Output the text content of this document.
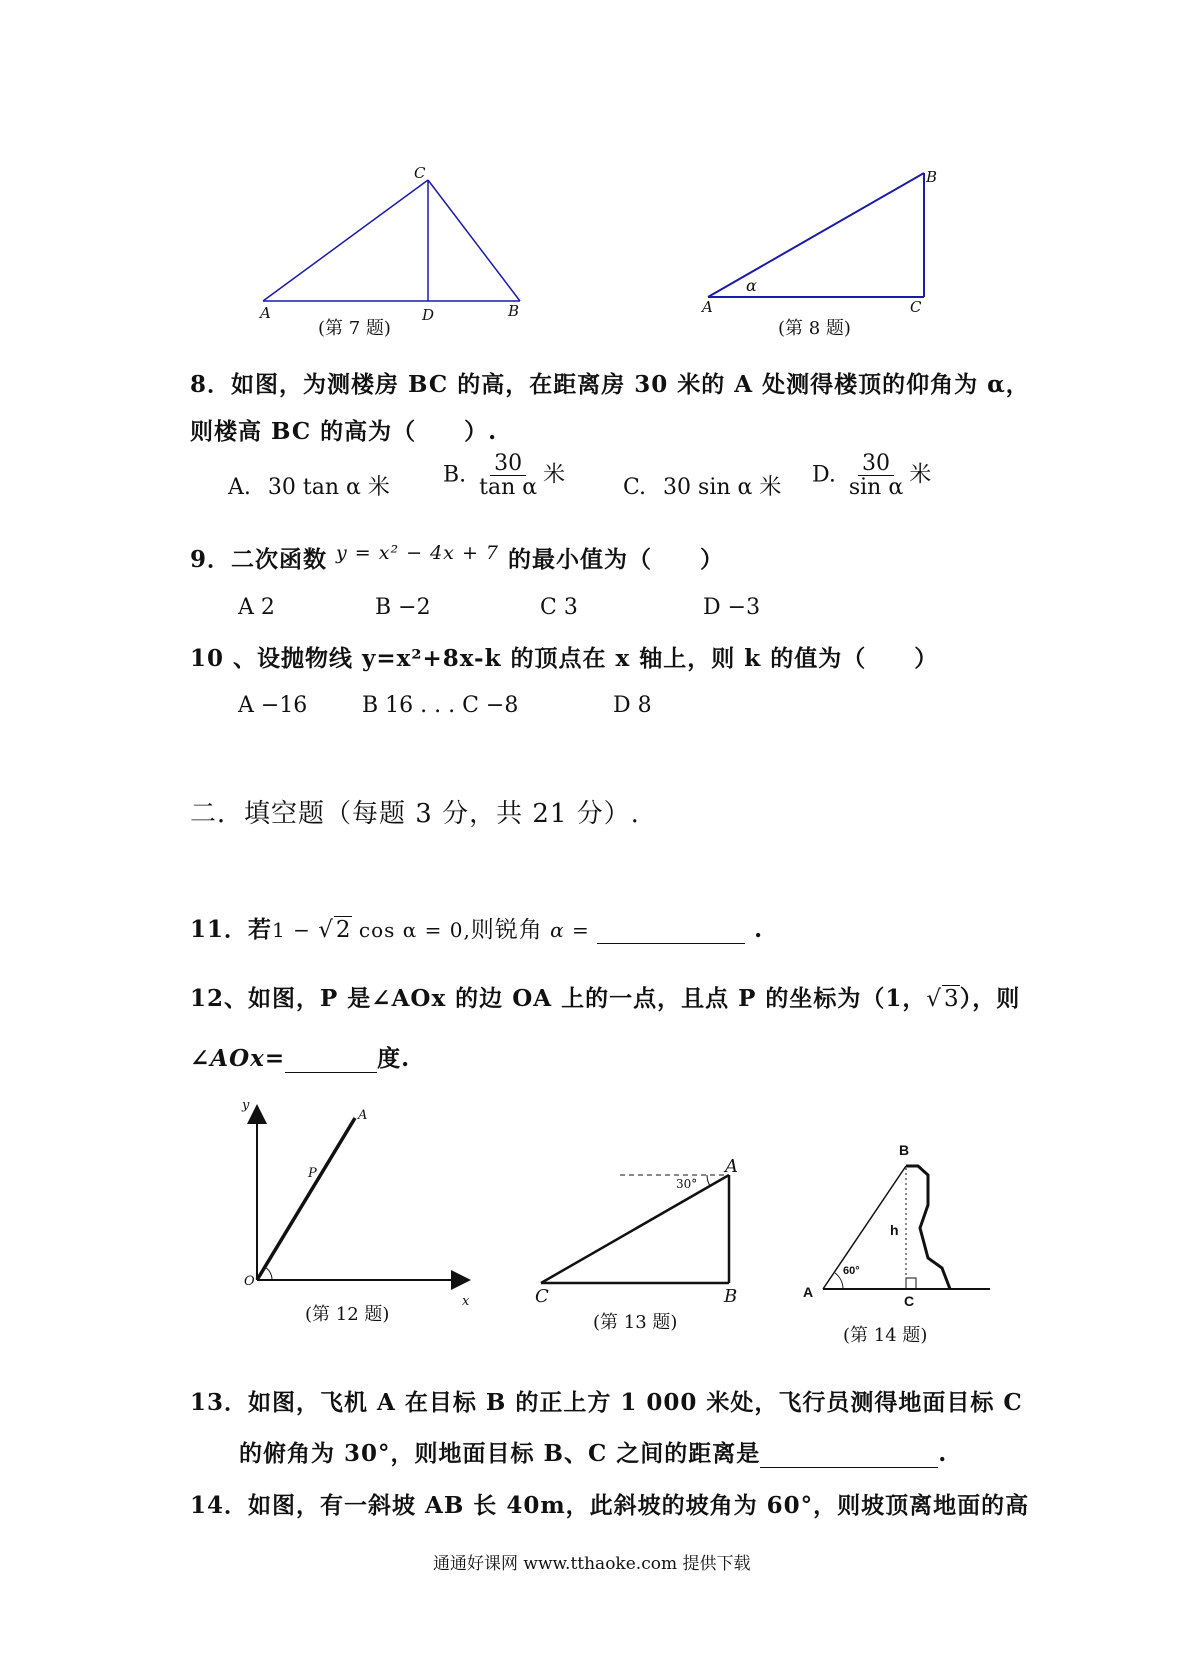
C
A	D	B
(第 7 题)
B
α
A	C
(第 8 题)
8．如图，为测楼房 BC 的高，在距离房 30 米的 A 处测得楼顶的仰角为 α，
则楼高 BC 的高为（　　）.
A. 30 tan α 米 B. $\frac{30}{\text{tan α}}$ 米	C. 30 sin α 米 D. $\frac{30}{\text{sin α}}$ 米
9．二次函数 $^{y = x^2 - 4x + 7}$ 的最小值为（　　）
A 2	B −2	C 3	D −3
10 、设抛物线 y=x²+8x-k 的顶点在 x 轴上，则 k 的值为（　　）
A −16 B 16 . . . C −8	D 8
二．填空题（每题 3 分，共 21 分）.
11．若1 − √2 cos α = 0,则锐角 α =	.
12、如图，P 是∠AOx 的边 OA 上的一点，且点 P 的坐标为（1，√3），则
∠AOx=	度.
y
A
P
O
x
(第 12 题)
30°
A
C	B
(第 13 题)
B
h
60°
A
C
(第 14 题)
13．如图，飞机 A 在目标 B 的正上方 1 000 米处，飞行员测得地面目标 C
的俯角为 30°，则地面目标 B、C 之间的距离是	.
14．如图，有一斜坡 AB 长 40m，此斜坡的坡角为 60°，则坡顶离地面的高
通通好课网 www.tthaoke.com 提供下载
